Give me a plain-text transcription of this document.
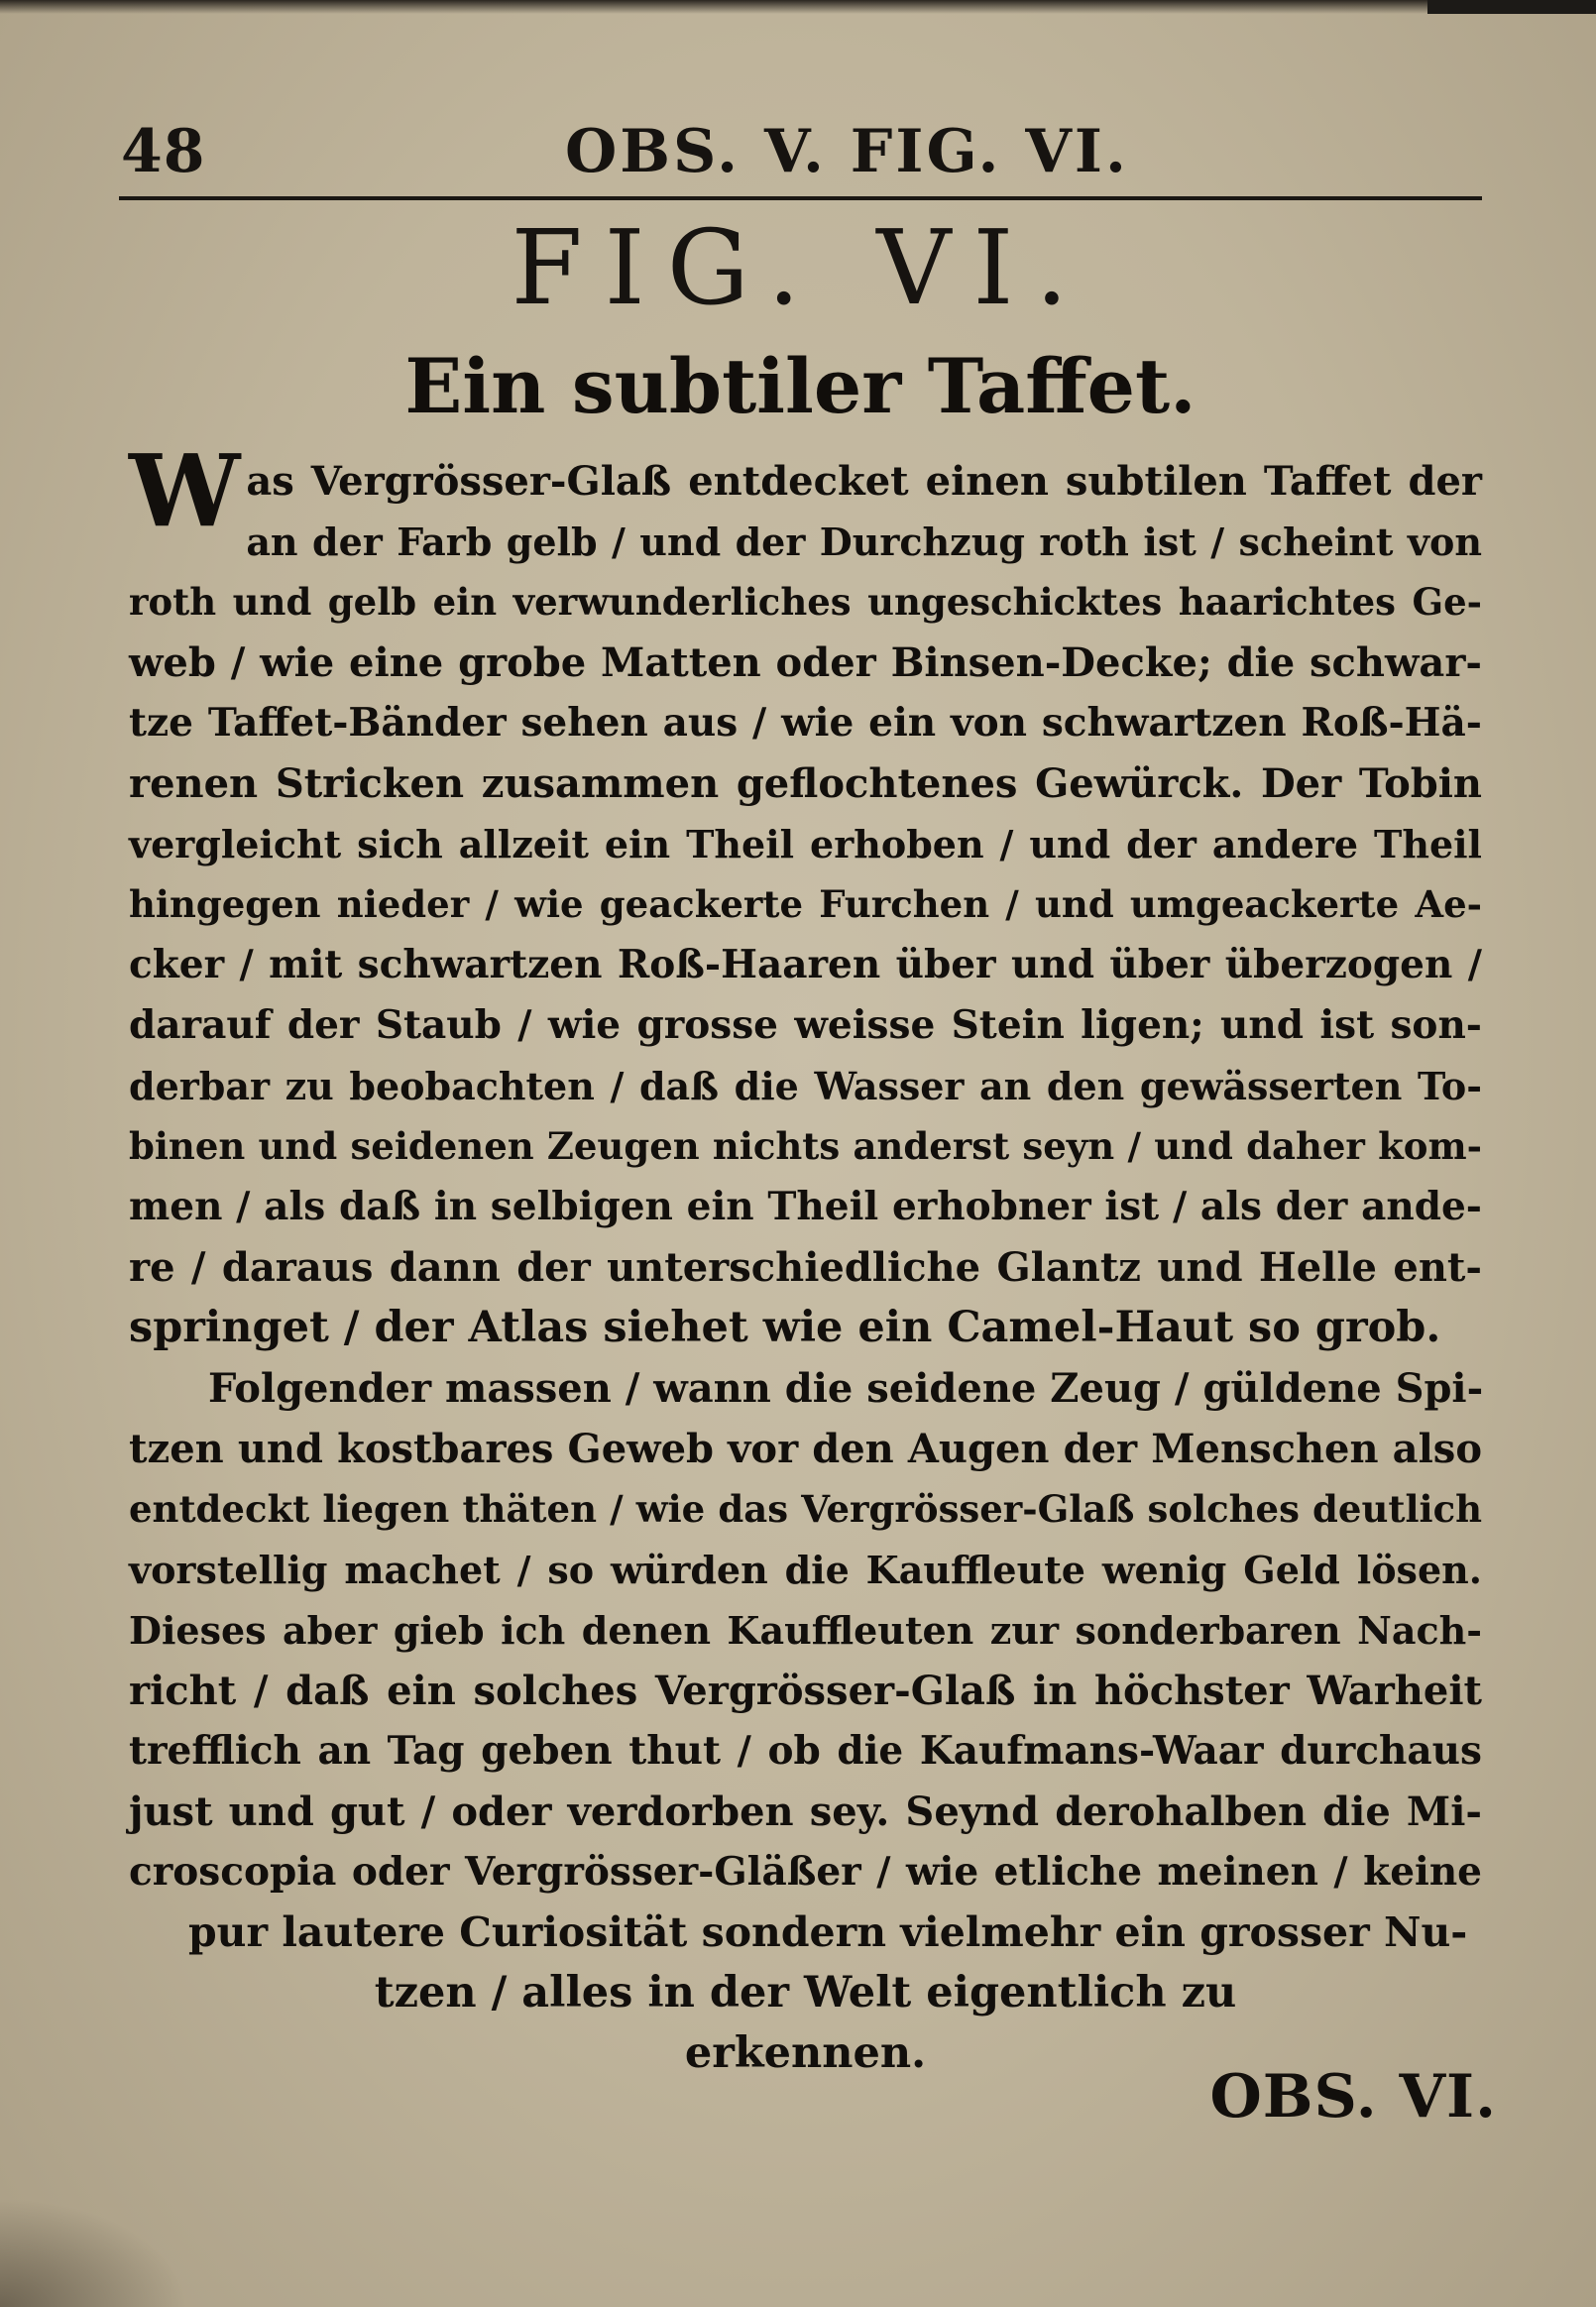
48	OBS. V. FIG. VI.
FIG. VI.
Ein subtiler Taffet.
Was Vergrösser-Glaß entdecket einen subtilen Taffet der
an der Farb gelb / und der Durchzug roth ist / scheint von
roth und gelb ein verwunderliches ungeschicktes haarichtes Ge-
web / wie eine grobe Matten oder Binsen-Decke; die schwar-
tze Taffet-Bänder sehen aus / wie ein von schwartzen Roß-Hä-
renen Stricken zusammen geflochtenes Gewürck. Der Tobin
vergleicht sich allzeit ein Theil erhoben / und der andere Theil
hingegen nieder / wie geackerte Furchen / und umgeackerte Ae-
cker / mit schwartzen Roß-Haaren über und über überzogen /
darauf der Staub / wie grosse weisse Stein ligen; und ist son-
derbar zu beobachten / daß die Wasser an den gewässerten To-
binen und seidenen Zeugen nichts anderst seyn / und daher kom-
men / als daß in selbigen ein Theil erhobner ist / als der ande-
re / daraus dann der unterschiedliche Glantz und Helle ent-
springet / der Atlas siehet wie ein Camel-Haut so grob.
Folgender massen / wann die seidene Zeug / güldene Spi-
tzen und kostbares Geweb vor den Augen der Menschen also
entdeckt liegen thäten / wie das Vergrösser-Glaß solches deutlich
vorstellig machet / so würden die Kauffleute wenig Geld lösen.
Dieses aber gieb ich denen Kauffleuten zur sonderbaren Nach-
richt / daß ein solches Vergrösser-Glaß in höchster Warheit
trefflich an Tag geben thut / ob die Kaufmans-Waar durchaus
just und gut / oder verdorben sey. Seynd derohalben die Mi-
croscopia oder Vergrösser-Gläßer / wie etliche meinen / keine
pur lautere Curiosität sondern vielmehr ein grosser Nu-
tzen / alles in der Welt eigentlich zu
erkennen.
OBS. VI.
